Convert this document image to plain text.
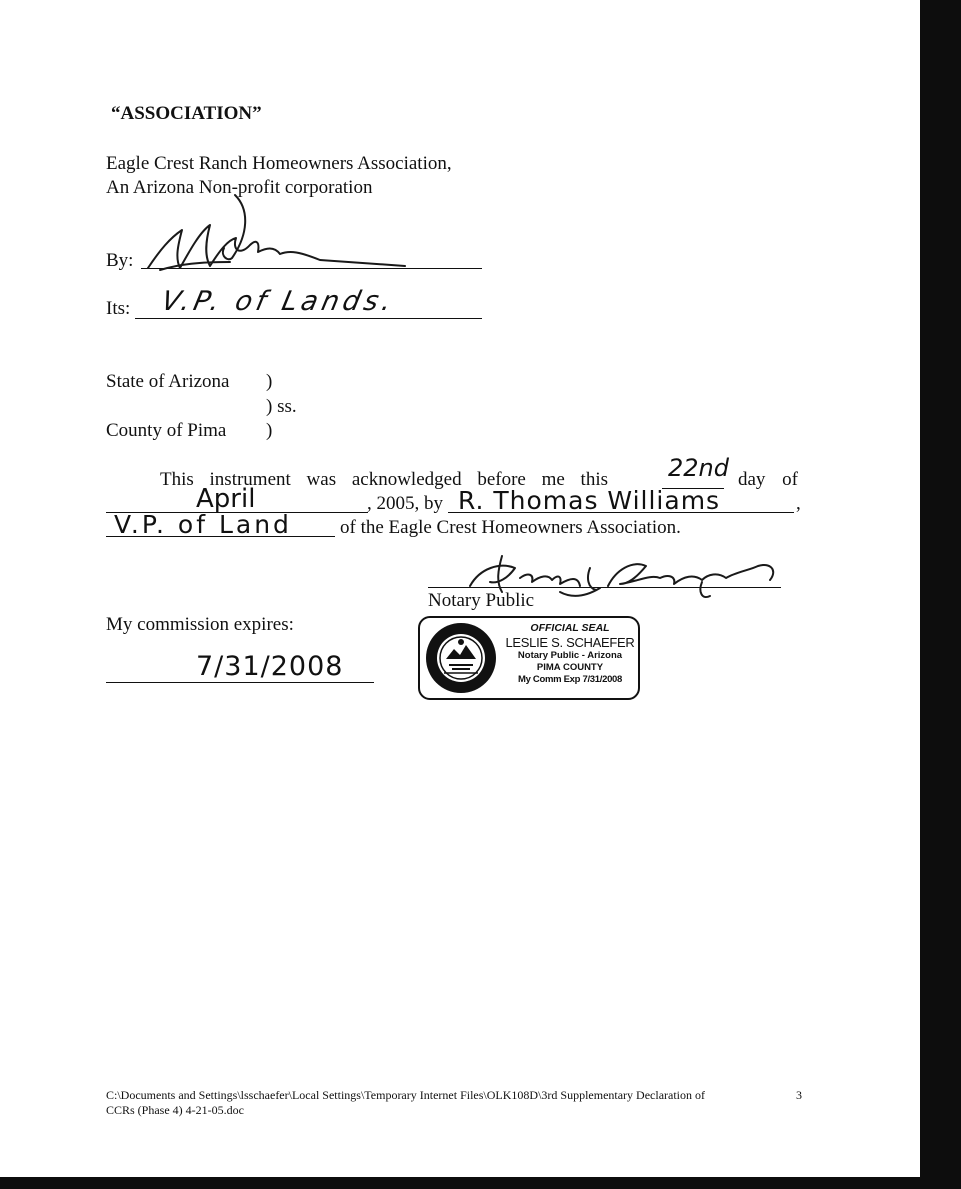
“ASSOCIATION”
Eagle Crest Ranch Homeowners Association,
An Arizona Non-profit corporation
By:
Its: V.P. of Lands.
State of Arizona )
) ss.
County of Pima )
This instrument was acknowledged before me this 22nd day of
April	, 2005, by R. Thomas Williams	,
V.P. of Land	of the Eagle Crest Homeowners Association.
Notary Public
My commission expires:
7/31/2008
OFFICIAL SEAL
LESLIE S. SCHAEFER
Notary Public - Arizona
PIMA COUNTY
My Comm Exp 7/31/2008
C:\Documents and Settings\lsschaefer\Local Settings\Temporary Internet Files\OLK108D\3rd Supplementary Declaration of
CCRs (Phase 4) 4-21-05.doc
3
